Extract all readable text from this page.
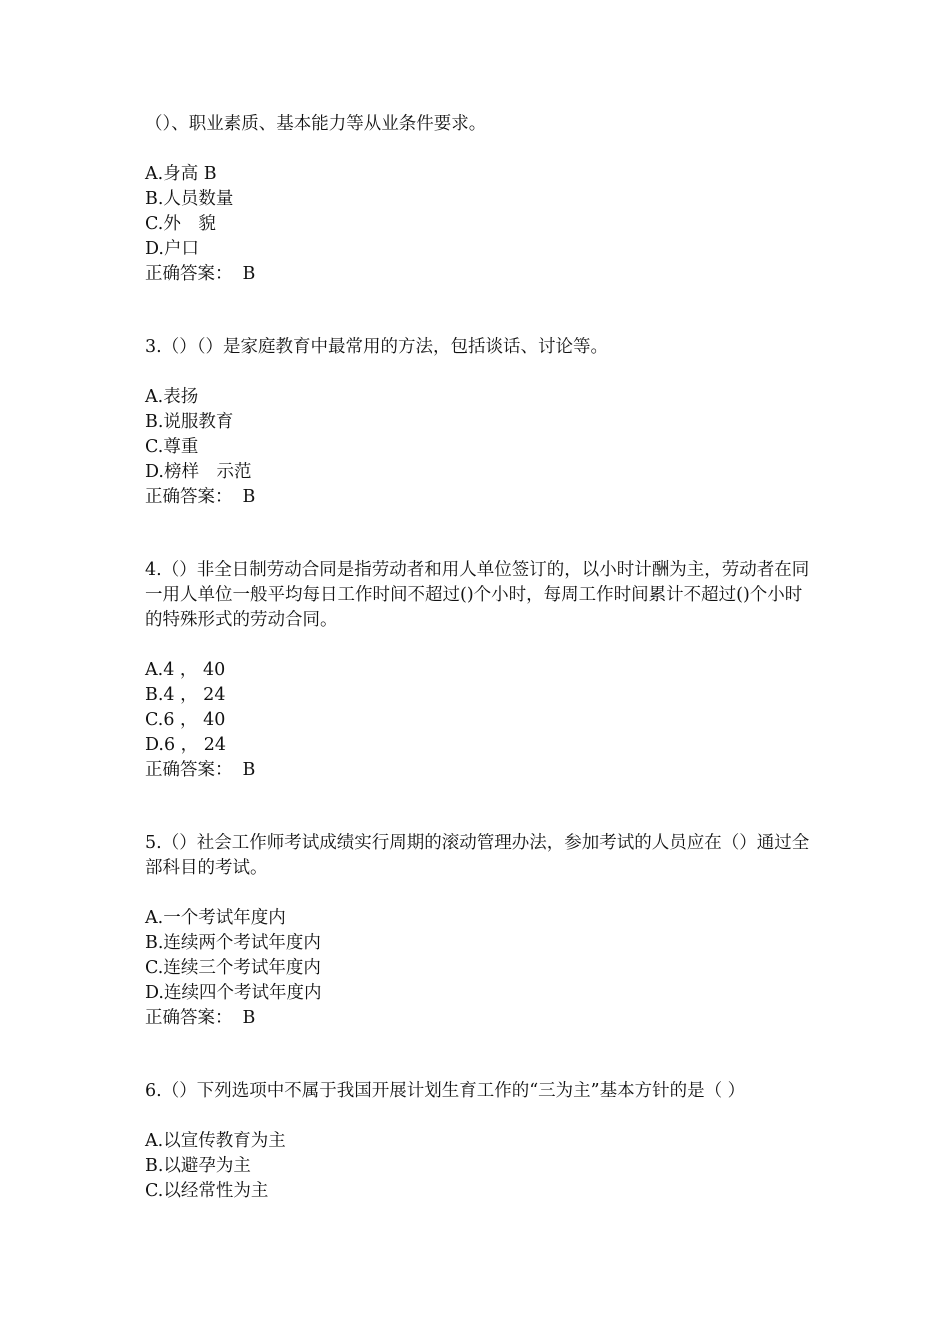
（）、职业素质、基本能力等从业条件要求。
A.身高 B
B.人员数量
C.外　貌
D.户口
正确答案： B
3.（）（）是家庭教育中最常用的方法，包括谈话、讨论等。
A.表扬
B.说服教育
C.尊重
D.榜样　示范
正确答案： B
4.（）非全日制劳动合同是指劳动者和用人单位签订的，以小时计酬为主，劳动者在同一用人单位一般平均每日工作时间不超过()个小时，每周工作时间累计不超过()个小时的特殊形式的劳动合同。
A.4 ， 40
B.4 ， 24
C.6 ， 40
D.6 ， 24
正确答案： B
5.（）社会工作师考试成绩实行周期的滚动管理办法，参加考试的人员应在（）通过全部科目的考试。
A.一个考试年度内
B.连续两个考试年度内
C.连续三个考试年度内
D.连续四个考试年度内
正确答案： B
6.（）下列选项中不属于我国开展计划生育工作的“三为主”基本方针的是（ ）
A.以宣传教育为主
B.以避孕为主
C.以经常性为主
